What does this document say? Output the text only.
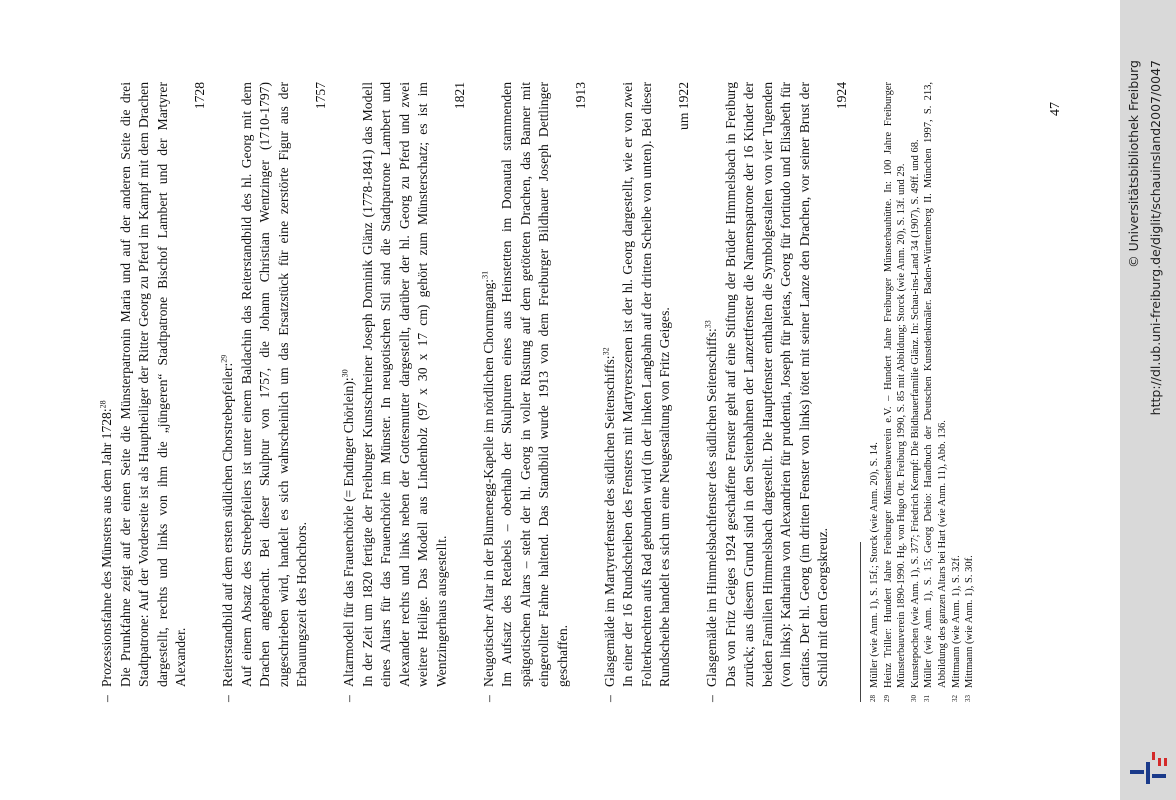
–Prozessionsfahne des Münsters aus dem Jahr 1728:$^{28}$ Die Prunkfahne zeigt auf der einen Seite die Münsterpatronin Maria und auf der anderen Seite die drei Stadtpatrone: Auf der Vorderseite ist als Hauptheiliger der Ritter Georg zu Pferd im Kampf mit dem Drachen dargestellt, rechts und links von ihm die „jüngeren“ Stadtpatrone Bischof Lambert und der Martyrer Alexander.
1728
–Reiterstandbild auf dem ersten südlichen Chorstrebepfeiler:$^{29}$ Auf einem Absatz des Strebepfeilers ist unter einem Baldachin das Reiterstandbild des hl. Georg mit dem Drachen angebracht. Bei dieser Skulptur von 1757, die Johann Christian Wentzinger (1710-1797) zugeschrieben wird, handelt es sich wahrscheinlich um das Ersatzstück für eine zerstörte Figur aus der Erbauungszeit des Hochchors.
1757
–Altarmodell für das Frauenchörle (= Endinger Chörlein):$^{30}$ In der Zeit um 1820 fertigte der Freiburger Kunstschreiner Joseph Dominik Glänz (1778-1841) das Modell eines Altars für das Frauenchörle im Münster. In neugotischen Stil sind die Stadtpatrone Lambert und Alexander rechts und links neben der Gottesmutter dargestellt, darüber der hl. Georg zu Pferd und zwei weitere Heilige. Das Modell aus Lindenholz (97 x 30 x 17 cm) gehört zum Münsterschatz; es ist im Wentzingerhaus ausgestellt.
1821
–Neugotischer Altar in der Blumenegg-Kapelle im nördlichen Chorumgang:$^{31}$ Im Aufsatz des Retabels – oberhalb der Skulpturen eines aus Heinstetten im Donautal stammenden spätgotischen Altars – steht der hl. Georg in voller Rüstung auf dem getöteten Drachen, das Banner mit eingerollter Fahne haltend. Das Standbild wurde 1913 von dem Freiburger Bildhauer Joseph Dettlinger geschaffen.
1913
–Glasgemälde im Martyrerfenster des südlichen Seitenschiffs:$^{32}$ In einer der 16 Rundscheiben des Fensters mit Martyrerszenen ist der hl. Georg dargestellt, wie er von zwei Folterknechten aufs Rad gebunden wird (in der linken Langbahn auf der dritten Scheibe von unten). Bei dieser Rundscheibe handelt es sich um eine Neugestaltung von Fritz Geiges.
um 1922
–Glasgemälde im Himmelsbachfenster des südlichen Seitenschiffs:$^{33}$ Das von Fritz Geiges 1924 geschaffene Fenster geht auf eine Stiftung der Brüder Himmelsbach in Freiburg zurück; aus diesem Grund sind in den Seitenbahnen der Lanzettfenster die Namenspatrone der 16 Kinder der beiden Familien Himmelsbach dargestellt. Die Hauptfenster enthalten die Symbolgestalten von vier Tugenden (von links): Katharina von Alexandrien für prudentia, Joseph für pietas, Georg für fortitudo und Elisabeth für caritas. Der hl. Georg (im dritten Fenster von links) tötet mit seiner Lanze den Drachen, vor seiner Brust der Schild mit dem Georgskreuz.
1924
28
Müller (wie Anm. 1), S. 15f.; Storck (wie Anm. 20), S. 14.
29
Heinz Triller: Hundert Jahre Freiburger Münsterbauverein e.V. – Hundert Jahre Freiburger Münsterbauhütte. In: 100 Jahre Freiburger Münsterbauverein 1890-1990. Hg. von Hugo Ott. Freiburg 1990, S. 85 mit Abbildung; Storck (wie Anm. 20), S. 13f. und 29.
30
Kunstepochen (wie Anm. 1), S. 377; Friedrich Kempf: Die Bildhauerfamilie Glänz. In: Schau-ins-Land 34 (1907), S. 49ff. und 68.
31
Müller (wie Anm. 1), S. 15; Georg Dehio: Handbuch der Deutschen Kunstdenkmäler. Baden-Württemberg II. München 1997, S. 213, Abbildung des ganzen Altars bei Hart (wie Anm. 11), Abb. 136.
32
Mittmann (wie Anm. 1), S. 32f.
33
Mittmann (wie Anm. 1), S. 30f.
47	© Universitätsbibliothek Freiburg http://dl.ub.uni-freiburg.de/diglit/schauinsland2007/0047
